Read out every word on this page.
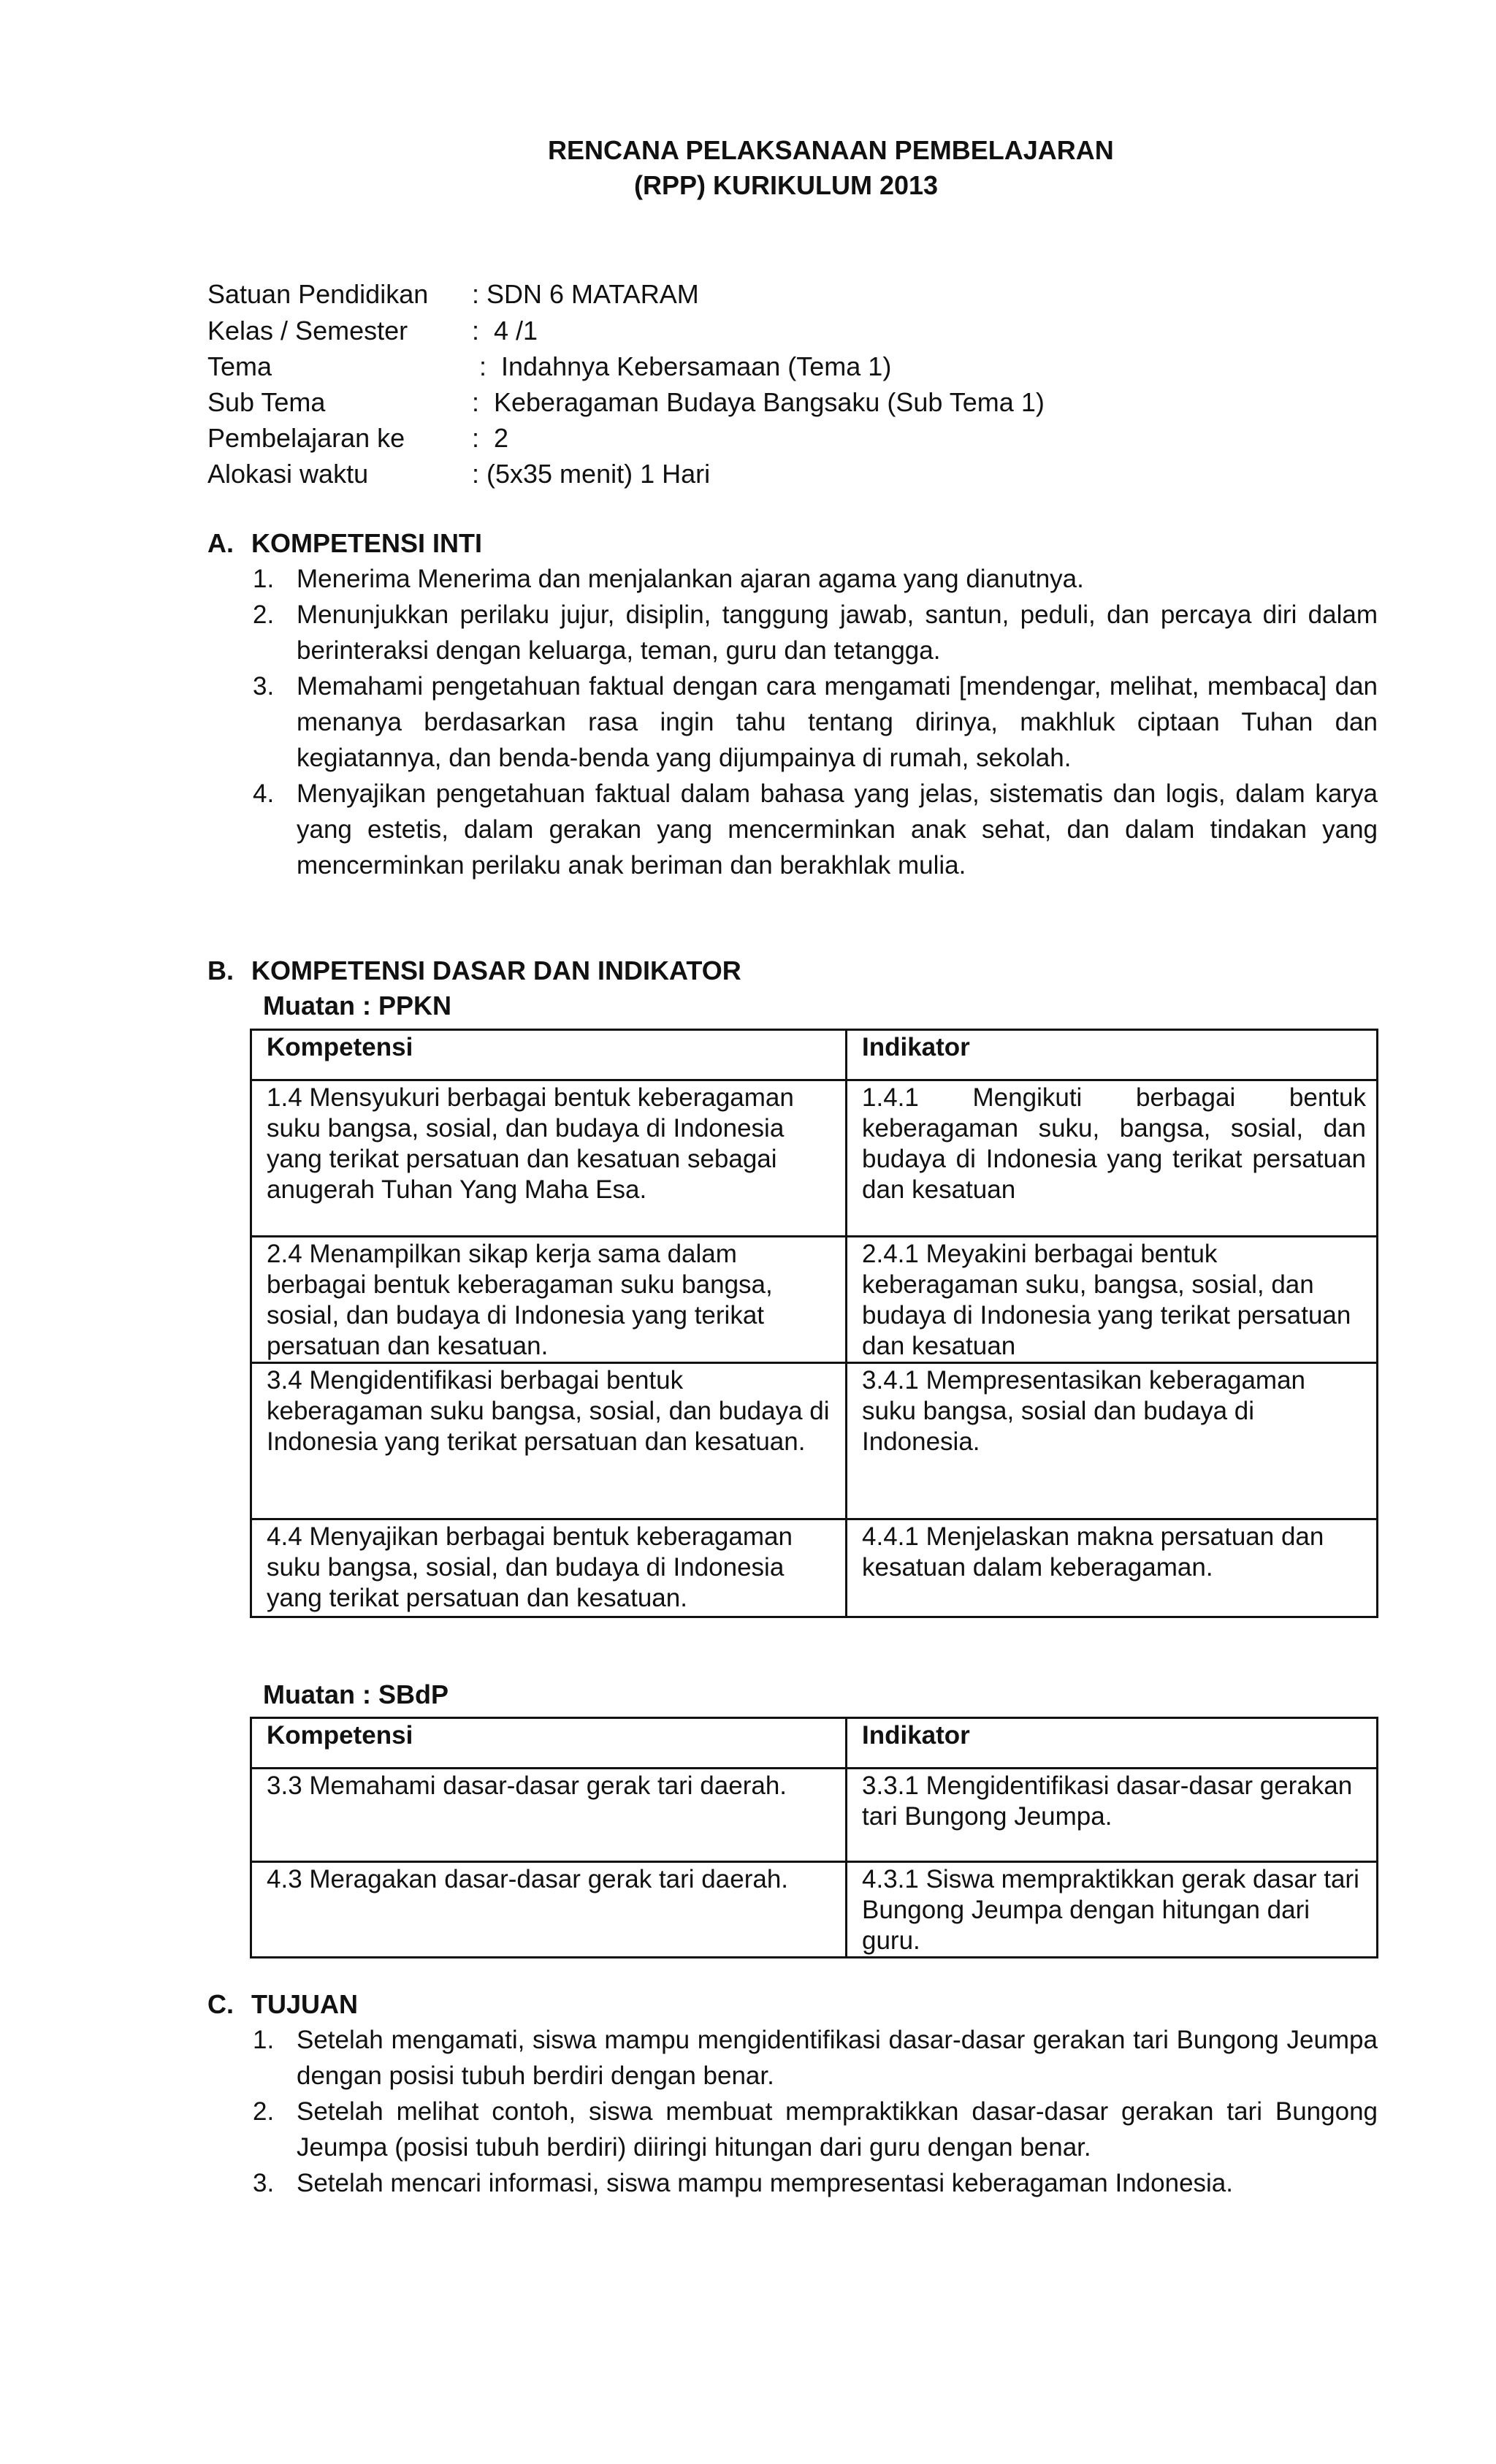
RENCANA PELAKSANAAN PEMBELAJARAN
(RPP) KURIKULUM 2013
Satuan Pendidikan : SDN 6 MATARAM
Kelas / Semester :  4 /1
Tema	:  Indahnya Kebersamaan (Tema 1)
Sub Tema	:  Keberagaman Budaya Bangsaku (Sub Tema 1)
Pembelajaran ke	:  2
Alokasi waktu	: (5x35 menit) 1 Hari
A. KOMPETENSI INTI
1. Menerima Menerima dan menjalankan ajaran agama yang dianutnya.
2. Menunjukkan perilaku jujur, disiplin, tanggung jawab, santun, peduli, dan percaya diri dalam berinteraksi dengan keluarga, teman, guru dan tetangga.
3. Memahami pengetahuan faktual dengan cara mengamati [mendengar, melihat, membaca] dan menanya berdasarkan rasa ingin tahu tentang dirinya, makhluk ciptaan Tuhan dan kegiatannya, dan benda-benda yang dijumpainya di rumah, sekolah.
4. Menyajikan pengetahuan faktual dalam bahasa yang jelas, sistematis dan logis, dalam karya yang estetis, dalam gerakan yang mencerminkan anak sehat, dan dalam tindakan yang mencerminkan perilaku anak beriman dan berakhlak mulia.
B. KOMPETENSI DASAR DAN INDIKATOR
Muatan : PPKN
Kompetensi	Indikator
1.4 Mensyukuri berbagai bentuk keberagaman suku bangsa, sosial, dan budaya di Indonesia yang terikat persatuan dan kesatuan sebagai anugerah Tuhan Yang Maha Esa.	1.4.1 Mengikuti berbagai bentuk keberagaman suku, bangsa, sosial, dan budaya di Indonesia yang terikat persatuan dan kesatuan
2.4 Menampilkan sikap kerja sama dalam berbagai bentuk keberagaman suku bangsa, sosial, dan budaya di Indonesia yang terikat persatuan dan kesatuan.	2.4.1 Meyakini berbagai bentuk keberagaman suku, bangsa, sosial, dan budaya di Indonesia yang terikat persatuan dan kesatuan
3.4 Mengidentifikasi berbagai bentuk keberagaman suku bangsa, sosial, dan budaya di Indonesia yang terikat persatuan dan kesatuan.	3.4.1 Mempresentasikan keberagaman suku bangsa, sosial dan budaya di Indonesia.
4.4 Menyajikan berbagai bentuk keberagaman suku bangsa, sosial, dan budaya di Indonesia yang terikat persatuan dan kesatuan.	4.4.1 Menjelaskan makna persatuan dan kesatuan dalam keberagaman.
Muatan : SBdP
Kompetensi	Indikator
3.3 Memahami dasar-dasar gerak tari daerah.	3.3.1 Mengidentifikasi dasar-dasar gerakan tari Bungong Jeumpa.
4.3 Meragakan dasar-dasar gerak tari daerah.	4.3.1 Siswa mempraktikkan gerak dasar tari Bungong Jeumpa dengan hitungan dari guru.
C. TUJUAN
1. Setelah mengamati, siswa mampu mengidentifikasi dasar-dasar gerakan tari Bungong Jeumpa dengan posisi tubuh berdiri dengan benar.
2. Setelah melihat contoh, siswa membuat mempraktikkan dasar-dasar gerakan tari Bungong Jeumpa (posisi tubuh berdiri) diiringi hitungan dari guru dengan benar.
3. Setelah mencari informasi, siswa mampu mempresentasi keberagaman Indonesia.
